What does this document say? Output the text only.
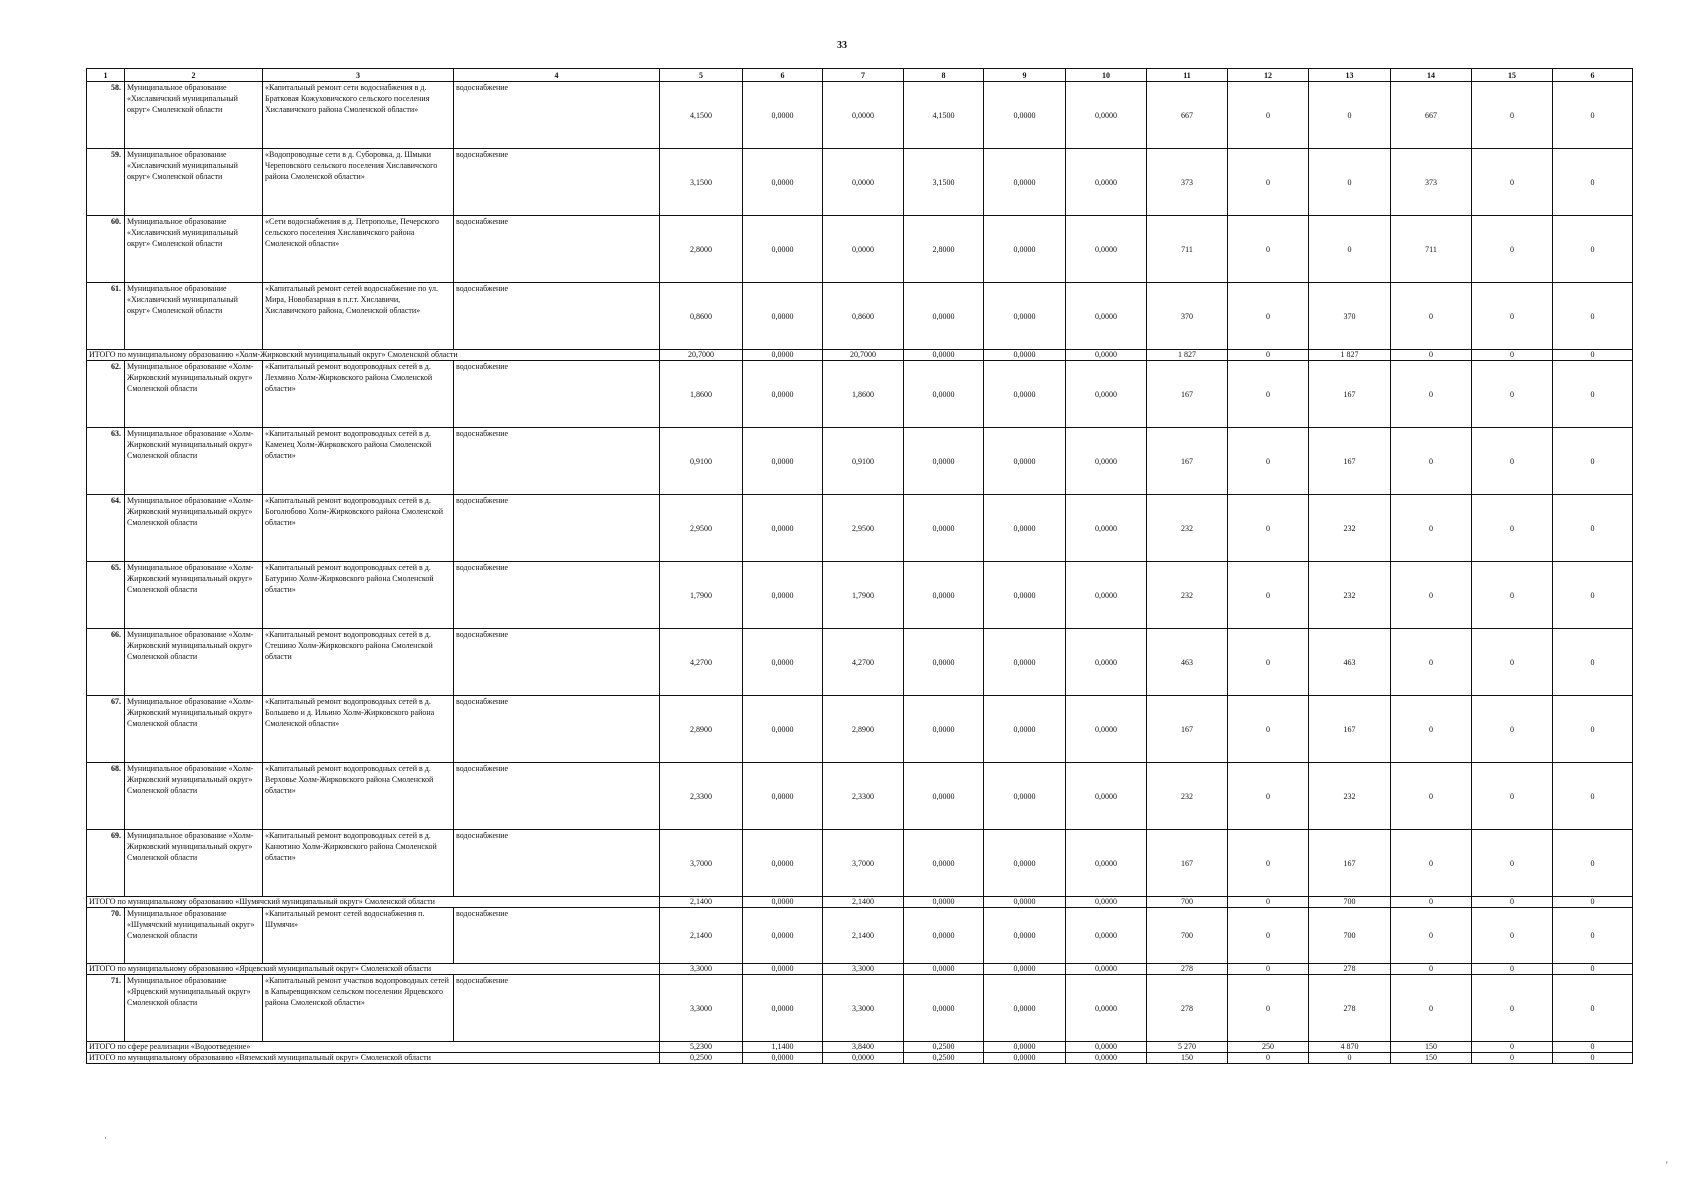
33
1	2	3	4	5	6	7	8	9	10	11	12	13	14	15	6
58.	Муниципальное образование «Хиславичский муниципальный округ» Смоленской области	«Капитальный ремонт сети водоснабжения в д. Братковая Кожуховичского сельского поселения Хиславичского района Смоленской области»	водоснабжение	4,1500	0,0000	0,0000	4,1500	0,0000	0,0000	667	0	0	667	0	0
59.	Муниципальное образование «Хиславичский муниципальный округ» Смоленской области	«Водопроводные сети в д. Суборовка, д. Шмыки Череповского сельского поселения Хиславичского района Смоленской области»	водоснабжение	3,1500	0,0000	0,0000	3,1500	0,0000	0,0000	373	0	0	373	0	0
60.	Муниципальное образование «Хиславичский муниципальный округ» Смоленской области	«Сети водоснабжения в д. Петрополье, Печерского сельского поселения Хиславичского района Смоленской области»	водоснабжение	2,8000	0,0000	0,0000	2,8000	0,0000	0,0000	711	0	0	711	0	0
61.	Муниципальное образование «Хиславичский муниципальный округ» Смоленской области	«Капитальный ремонт сетей водоснабжение по ул. Мира, Новобазарная в п.г.т. Хиславичи, Хиславичского района, Смоленской области»	водоснабжение	0,8600	0,0000	0,8600	0,0000	0,0000	0,0000	370	0	370	0	0	0
ИТОГО по муниципальному образованию «Холм-Жирковский муниципальный округ» Смоленской области				20,7000	0,0000	20,7000	0,0000	0,0000	0,0000	1 827	0	1 827	0	0	0
62.	Муниципальное образование «Холм-Жирковский муниципальный округ» Смоленской области	«Капитальный ремонт водопроводных сетей в д. Лехмино Холм-Жирковского района Смоленской области»	водоснабжение	1,8600	0,0000	1,8600	0,0000	0,0000	0,0000	167	0	167	0	0	0
63.	Муниципальное образование «Холм-Жирковский муниципальный округ» Смоленской области	«Капитальный ремонт водопроводных сетей в д. Каменец Холм-Жирковского района Смоленской области»	водоснабжение	0,9100	0,0000	0,9100	0,0000	0,0000	0,0000	167	0	167	0	0	0
64.	Муниципальное образование «Холм-Жирковский муниципальный округ» Смоленской области	«Капитальный ремонт водопроводных сетей в д. Боголюбово Холм-Жирковского района Смоленской области»	водоснабжение	2,9500	0,0000	2,9500	0,0000	0,0000	0,0000	232	0	232	0	0	0
65.	Муниципальное образование «Холм-Жирковский муниципальный округ» Смоленской области	«Капитальный ремонт водопроводных сетей в д. Батурино Холм-Жирковского района Смоленской области»	водоснабжение	1,7900	0,0000	1,7900	0,0000	0,0000	0,0000	232	0	232	0	0	0
66.	Муниципальное образование «Холм-Жирковский муниципальный округ» Смоленской области	«Капитальный ремонт водопроводных сетей в д. Стешино Холм-Жирковского района Смоленской области	водоснабжение	4,2700	0,0000	4,2700	0,0000	0,0000	0,0000	463	0	463	0	0	0
67.	Муниципальное образование «Холм-Жирковский муниципальный округ» Смоленской области	«Капитальный ремонт водопроводных сетей в д. Большево и д. Ильино Холм-Жирковского района Смоленской области»	водоснабжение	2,8900	0,0000	2,8900	0,0000	0,0000	0,0000	167	0	167	0	0	0
68.	Муниципальное образование «Холм-Жирковский муниципальный округ» Смоленской области	«Капитальный ремонт водопроводных сетей в д. Верховье Холм-Жирковского района Смоленской области»	водоснабжение	2,3300	0,0000	2,3300	0,0000	0,0000	0,0000	232	0	232	0	0	0
69.	Муниципальное образование «Холм-Жирковский муниципальный округ» Смоленской области	«Капитальный ремонт водопроводных сетей в д. Канютино Холм-Жирковского района Смоленской области»	водоснабжение	3,7000	0,0000	3,7000	0,0000	0,0000	0,0000	167	0	167	0	0	0
ИТОГО по муниципальному образованию «Шумячский муниципальный округ» Смоленской области				2,1400	0,0000	2,1400	0,0000	0,0000	0,0000	700	0	700	0	0	0
70.	Муниципальное образование «Шумячский муниципальный округ» Смоленской области	«Капитальный ремонт сетей водоснабжения п. Шумячи»	водоснабжение	2,1400	0,0000	2,1400	0,0000	0,0000	0,0000	700	0	700	0	0	0
ИТОГО по муниципальному образованию «Ярцевский муниципальный округ» Смоленской области				3,3000	0,0000	3,3000	0,0000	0,0000	0,0000	278	0	278	0	0	0
71.	Муниципальное образование «Ярцевский муниципальный округ» Смоленской области	«Капитальный ремонт участков водопроводных сетей в Капыревщинском сельском поселении Ярцевского района Смоленской области»	водоснабжение	3,3000	0,0000	3,3000	0,0000	0,0000	0,0000	278	0	278	0	0	0
ИТОГО по сфере реализации «Водоотведение»				5,2300	1,1400	3,8400	0,2500	0,0000	0,0000	5 270	250	4 870	150	0	0
ИТОГО по муниципальному образованию «Вяземский муниципальный округ» Смоленской области				0,2500	0,0000	0,0000	0,2500	0,0000	0,0000	150	0	0	150	0	0
·
'
